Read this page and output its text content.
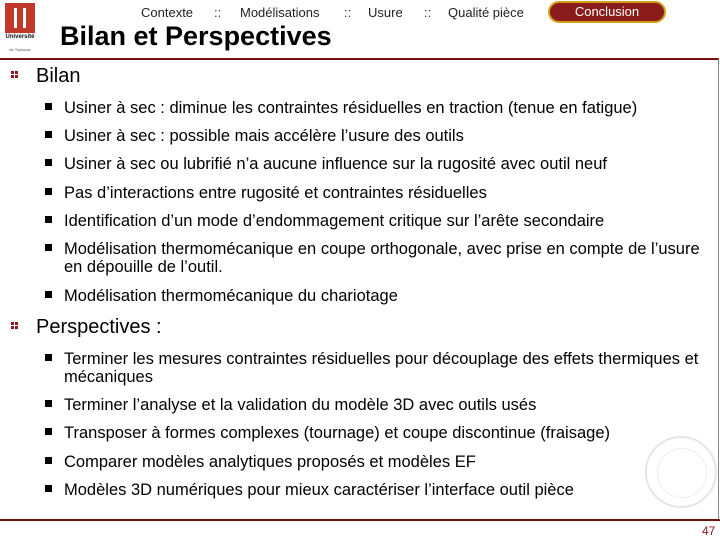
Université
de Toulouse
Contexte :: Modélisations :: Usure :: Qualité pièce	Conclusion
Bilan et Perspectives
Bilan
Usiner à sec : diminue les contraintes résiduelles en traction (tenue en fatigue)
Usiner à sec : possible mais accélère l’usure des outils
Usiner à sec ou lubrifié n’a aucune influence sur la rugosité avec outil neuf
Pas d’interactions entre rugosité et contraintes résiduelles
Identification d’un mode d’endommagement critique sur l’arête secondaire
Modélisation thermomécanique en coupe orthogonale, avec prise en compte de l’usure en dépouille de l’outil.
Modélisation thermomécanique du chariotage
Perspectives :
Terminer les mesures contraintes résiduelles pour découplage des effets thermiques et mécaniques
Terminer l’analyse et la validation du modèle 3D avec outils usés
Transposer à formes complexes (tournage) et coupe discontinue (fraisage)
Comparer modèles analytiques proposés et modèles EF
Modèles 3D numériques pour mieux caractériser l’interface outil pièce
47
